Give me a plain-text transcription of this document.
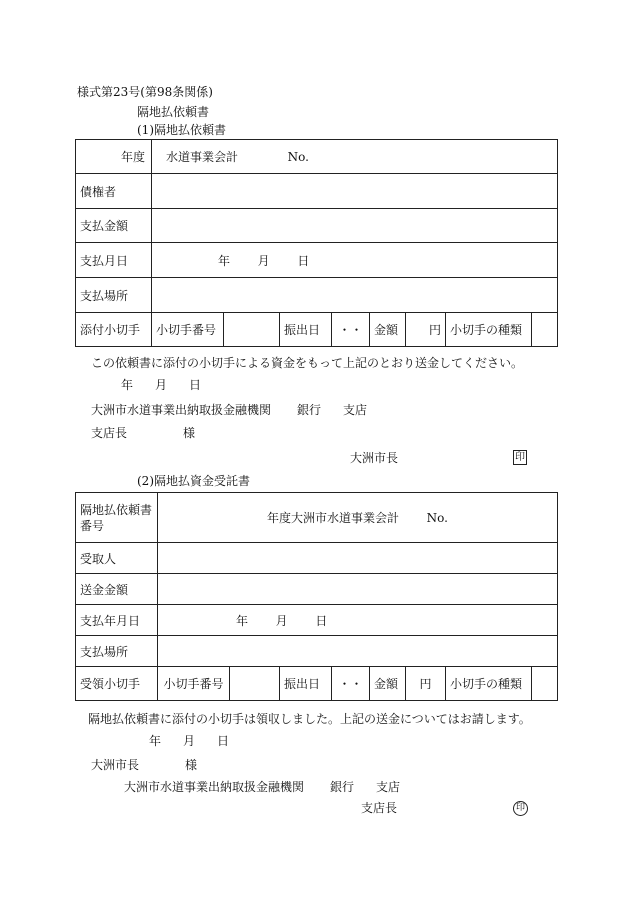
様式第23号(第98条関係)
隔地払依頼書
(1)隔地払依頼書
年度	水道事業会計 No.							
債権者								
支払金額								
支払月日	年 月 日							
支払場所								
添付小切手	小切手番号		振出日	・・	金額	円	小切手の種類	
この依頼書に添付の小切手による資金をもって上記のとおり送金してください。
年 月 日
大洲市水道事業出納取扱金融機関 銀行 支店
支店長	様
大洲市長	印
(2)隔地払資金受託書
隔地払依頼書
番号	年度大洲市水道事業会計 No.							
受取人								
送金金額								
支払年月日	年 月 日							
支払場所								
受領小切手	小切手番号		振出日	・・	金額	円	小切手の種類	
隔地払依頼書に添付の小切手は領収しました。上記の送金についてはお請します。
年 月 日
大洲市長	様
大洲市水道事業出納取扱金融機関 銀行 支店
支店長	印
